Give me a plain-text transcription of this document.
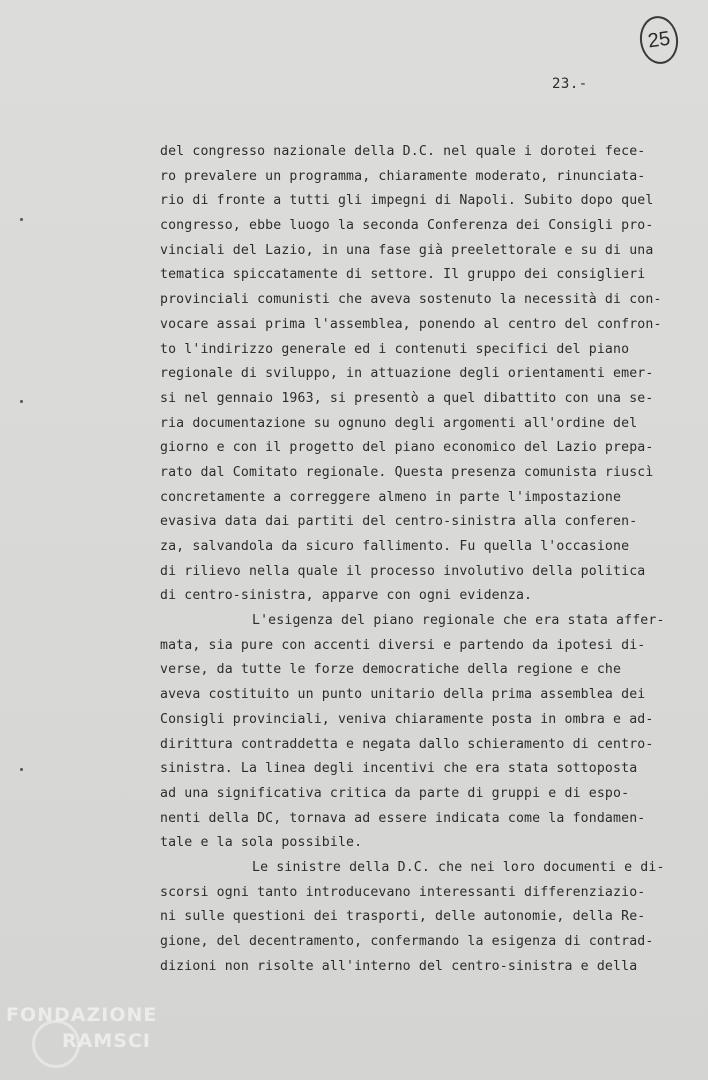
25
23.-
del congresso nazionale della D.C. nel quale i dorotei fece-
ro prevalere un programma, chiaramente moderato, rinunciata-
rio di fronte a tutti gli impegni di Napoli. Subito dopo quel
congresso, ebbe luogo la seconda Conferenza dei Consigli pro-
vinciali del Lazio, in una fase già preelettorale e su di una
tematica spiccatamente di settore. Il gruppo dei consiglieri
provinciali comunisti che aveva sostenuto la necessità di con-
vocare assai prima l'assemblea, ponendo al centro del confron-
to l'indirizzo generale ed i contenuti specifici del piano
regionale di sviluppo, in attuazione degli orientamenti emer-
si nel gennaio 1963, si presentò a quel dibattito con una se-
ria documentazione su ognuno degli argomenti all'ordine del
giorno e con il progetto del piano economico del Lazio prepa-
rato dal Comitato regionale. Questa presenza comunista riuscì
concretamente a correggere almeno in parte l'impostazione
evasiva data dai partiti del centro-sinistra alla conferen-
za, salvandola da sicuro fallimento. Fu quella l'occasione
di rilievo nella quale il processo involutivo della politica
di centro-sinistra, apparve con ogni evidenza.
L'esigenza del piano regionale che era stata affer-
mata, sia pure con accenti diversi e partendo da ipotesi di-
verse, da tutte le forze democratiche della regione e che
aveva costituito un punto unitario della prima assemblea dei
Consigli provinciali, veniva chiaramente posta in ombra e ad-
dirittura contraddetta e negata dallo schieramento di centro-
sinistra. La linea degli incentivi che era stata sottoposta
ad una significativa critica da parte di gruppi e di espo-
nenti della DC, tornava ad essere indicata come la fondamen-
tale e la sola possibile.
Le sinistre della D.C. che nei loro documenti e di-
scorsi ogni tanto introducevano interessanti differenziazio-
ni sulle questioni dei trasporti, delle autonomie, della Re-
gione, del decentramento, confermando la esigenza di contrad-
dizioni non risolte all'interno del centro-sinistra e della
FONDAZIONE
RAMSCI
